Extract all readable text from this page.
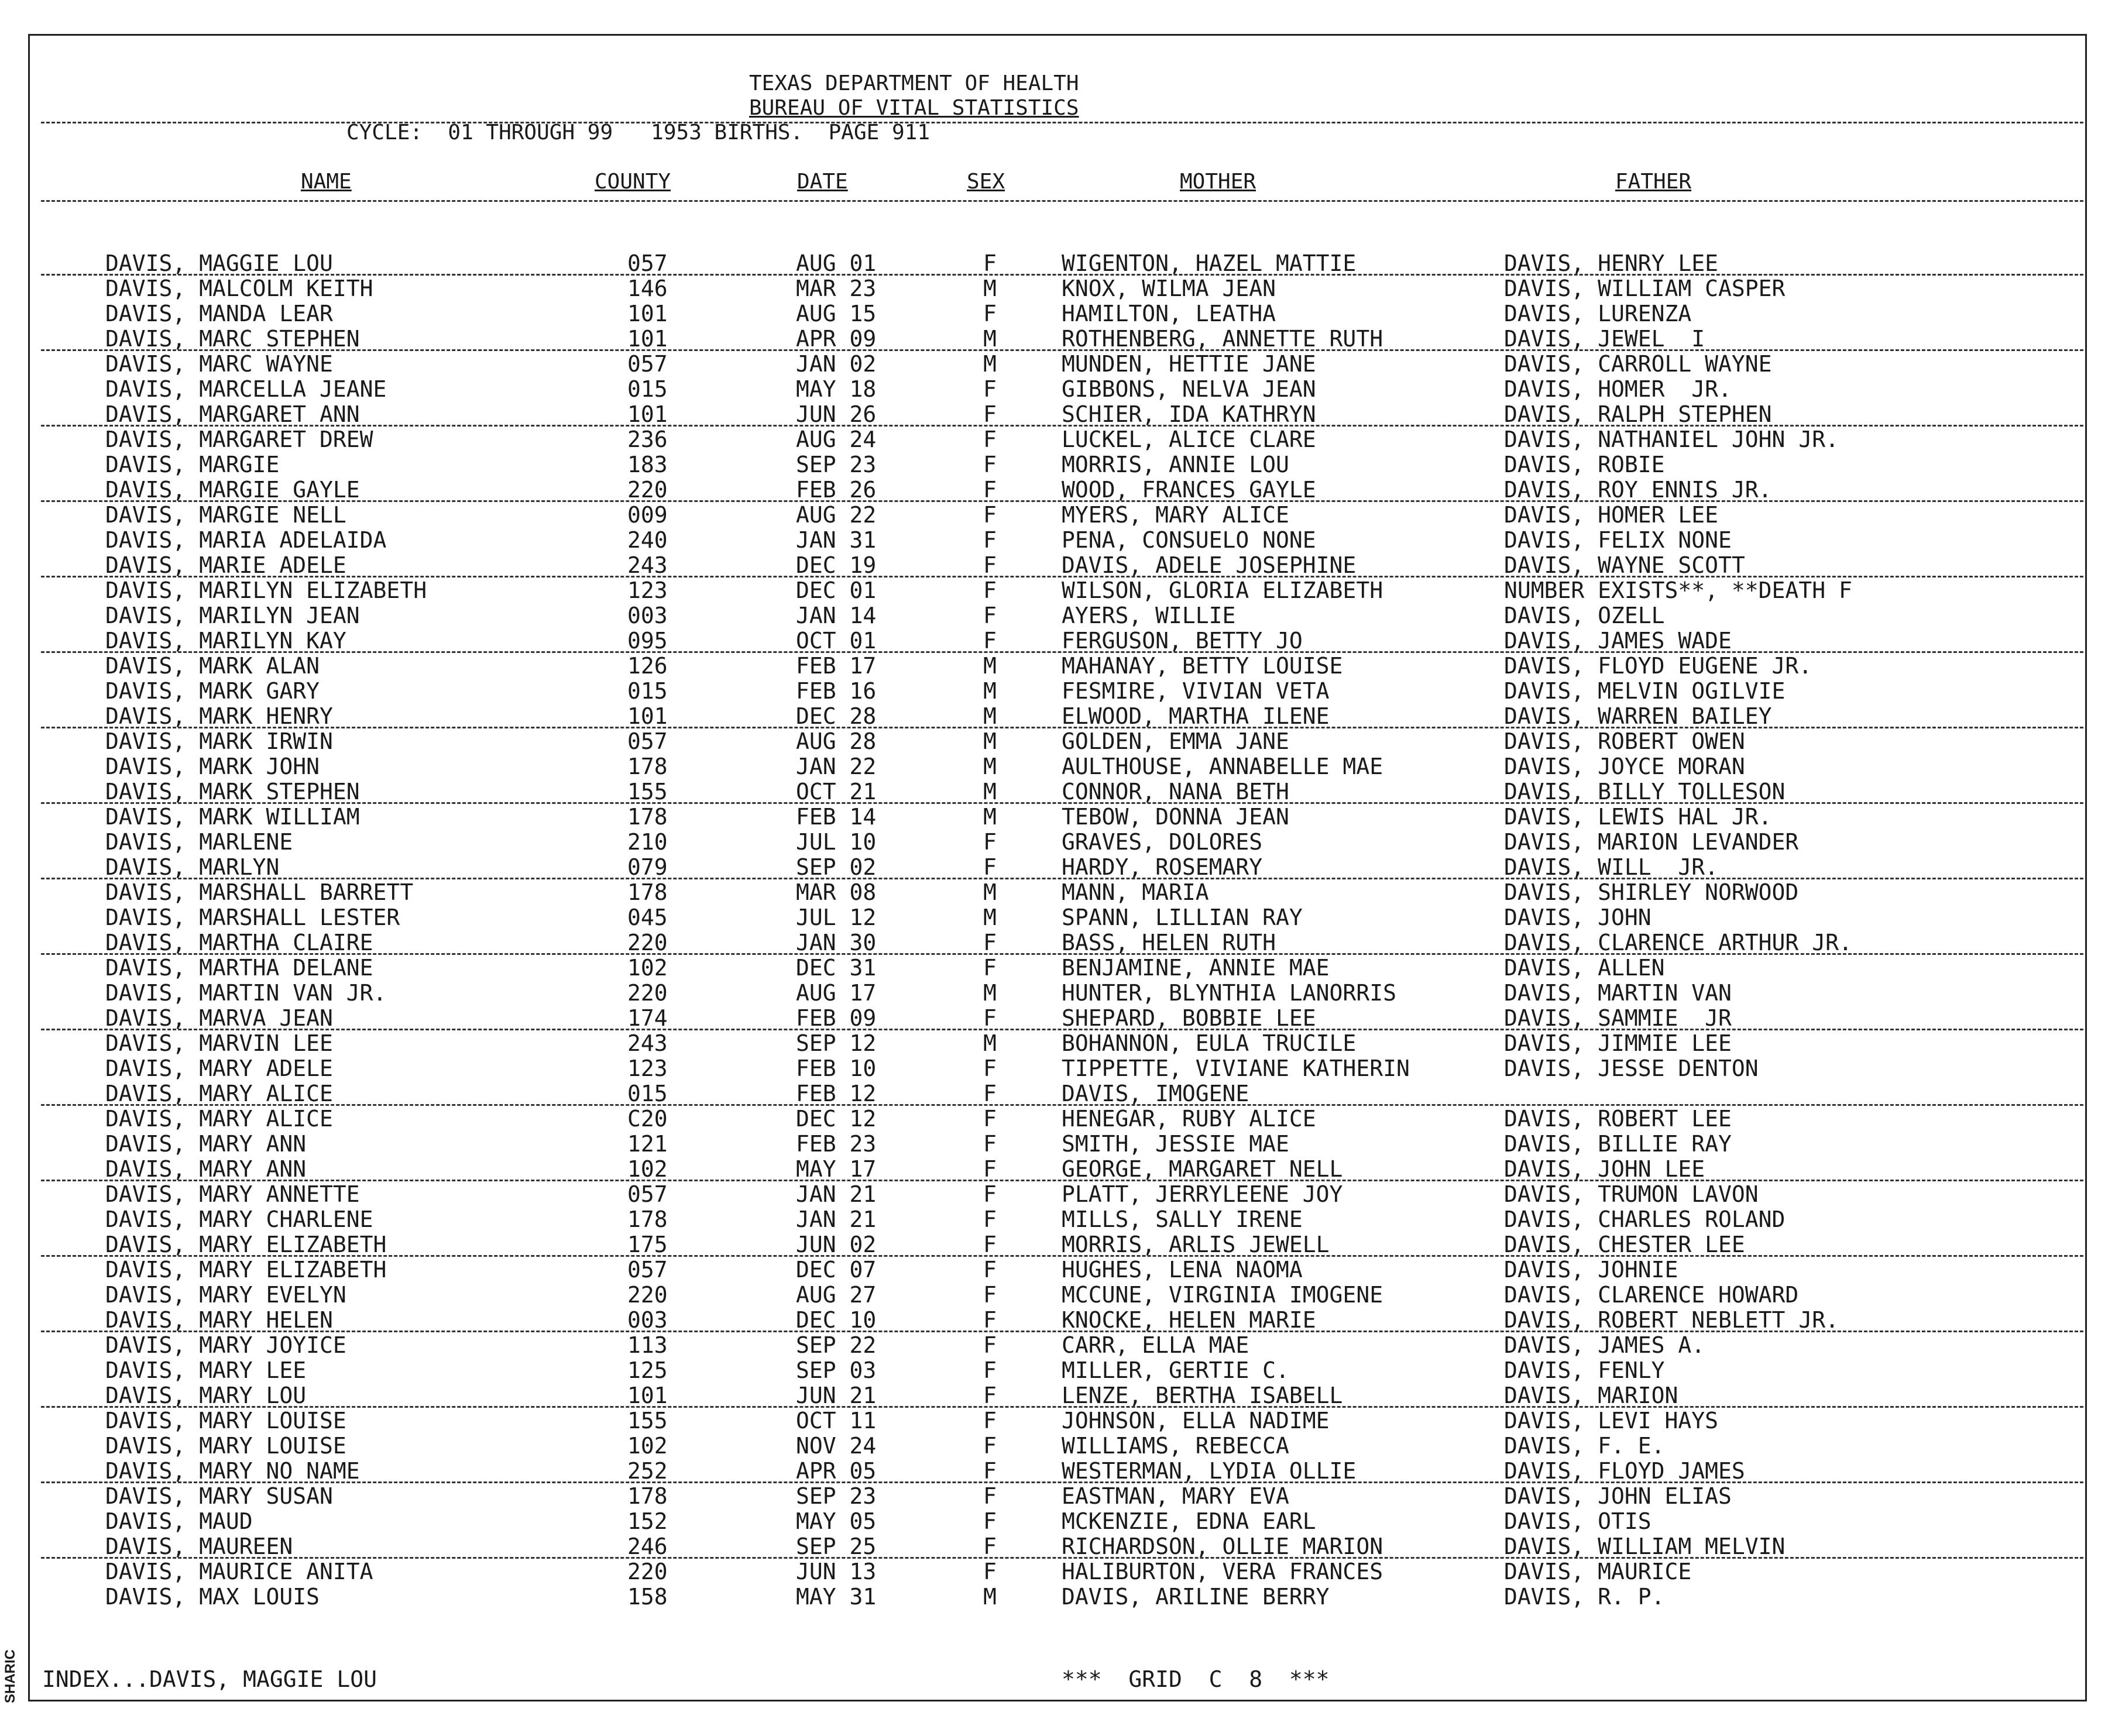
SHARIC
TEXAS DEPARTMENT OF HEALTH
BUREAU OF VITAL STATISTICS
CYCLE:  01 THROUGH 99   1953 BIRTHS.  PAGE 911
NAME	COUNTY	DATE	SEX	MOTHER	FATHER
DAVIS, MAGGIE LOU	057	AUG 01	F	WIGENTON, HAZEL MATTIE	DAVIS, HENRY LEE
DAVIS, MALCOLM KEITH	146	MAR 23	M	KNOX, WILMA JEAN	DAVIS, WILLIAM CASPER
DAVIS, MANDA LEAR	101	AUG 15	F	HAMILTON, LEATHA	DAVIS, LURENZA
DAVIS, MARC STEPHEN	101	APR 09	M	ROTHENBERG, ANNETTE RUTH	DAVIS, JEWEL  I
DAVIS, MARC WAYNE	057	JAN 02	M	MUNDEN, HETTIE JANE	DAVIS, CARROLL WAYNE
DAVIS, MARCELLA JEANE	015	MAY 18	F	GIBBONS, NELVA JEAN	DAVIS, HOMER  JR.
DAVIS, MARGARET ANN	101	JUN 26	F	SCHIER, IDA KATHRYN	DAVIS, RALPH STEPHEN
DAVIS, MARGARET DREW	236	AUG 24	F	LUCKEL, ALICE CLARE	DAVIS, NATHANIEL JOHN JR.
DAVIS, MARGIE	183	SEP 23	F	MORRIS, ANNIE LOU	DAVIS, ROBIE
DAVIS, MARGIE GAYLE	220	FEB 26	F	WOOD, FRANCES GAYLE	DAVIS, ROY ENNIS JR.
DAVIS, MARGIE NELL	009	AUG 22	F	MYERS, MARY ALICE	DAVIS, HOMER LEE
DAVIS, MARIA ADELAIDA	240	JAN 31	F	PENA, CONSUELO NONE	DAVIS, FELIX NONE
DAVIS, MARIE ADELE	243	DEC 19	F	DAVIS, ADELE JOSEPHINE	DAVIS, WAYNE SCOTT
DAVIS, MARILYN ELIZABETH	123	DEC 01	F	WILSON, GLORIA ELIZABETH	NUMBER EXISTS**, **DEATH F
DAVIS, MARILYN JEAN	003	JAN 14	F	AYERS, WILLIE	DAVIS, OZELL
DAVIS, MARILYN KAY	095	OCT 01	F	FERGUSON, BETTY JO	DAVIS, JAMES WADE
DAVIS, MARK ALAN	126	FEB 17	M	MAHANAY, BETTY LOUISE	DAVIS, FLOYD EUGENE JR.
DAVIS, MARK GARY	015	FEB 16	M	FESMIRE, VIVIAN VETA	DAVIS, MELVIN OGILVIE
DAVIS, MARK HENRY	101	DEC 28	M	ELWOOD, MARTHA ILENE	DAVIS, WARREN BAILEY
DAVIS, MARK IRWIN	057	AUG 28	M	GOLDEN, EMMA JANE	DAVIS, ROBERT OWEN
DAVIS, MARK JOHN	178	JAN 22	M	AULTHOUSE, ANNABELLE MAE	DAVIS, JOYCE MORAN
DAVIS, MARK STEPHEN	155	OCT 21	M	CONNOR, NANA BETH	DAVIS, BILLY TOLLESON
DAVIS, MARK WILLIAM	178	FEB 14	M	TEBOW, DONNA JEAN	DAVIS, LEWIS HAL JR.
DAVIS, MARLENE	210	JUL 10	F	GRAVES, DOLORES	DAVIS, MARION LEVANDER
DAVIS, MARLYN	079	SEP 02	F	HARDY, ROSEMARY	DAVIS, WILL  JR.
DAVIS, MARSHALL BARRETT	178	MAR 08	M	MANN, MARIA	DAVIS, SHIRLEY NORWOOD
DAVIS, MARSHALL LESTER	045	JUL 12	M	SPANN, LILLIAN RAY	DAVIS, JOHN
DAVIS, MARTHA CLAIRE	220	JAN 30	F	BASS, HELEN RUTH	DAVIS, CLARENCE ARTHUR JR.
DAVIS, MARTHA DELANE	102	DEC 31	F	BENJAMINE, ANNIE MAE	DAVIS, ALLEN
DAVIS, MARTIN VAN JR.	220	AUG 17	M	HUNTER, BLYNTHIA LANORRIS	DAVIS, MARTIN VAN
DAVIS, MARVA JEAN	174	FEB 09	F	SHEPARD, BOBBIE LEE	DAVIS, SAMMIE  JR
DAVIS, MARVIN LEE	243	SEP 12	M	BOHANNON, EULA TRUCILE	DAVIS, JIMMIE LEE
DAVIS, MARY ADELE	123	FEB 10	F	TIPPETTE, VIVIANE KATHERIN	DAVIS, JESSE DENTON
DAVIS, MARY ALICE	015	FEB 12	F	DAVIS, IMOGENE
DAVIS, MARY ALICE	C20	DEC 12	F	HENEGAR, RUBY ALICE	DAVIS, ROBERT LEE
DAVIS, MARY ANN	121	FEB 23	F	SMITH, JESSIE MAE	DAVIS, BILLIE RAY
DAVIS, MARY ANN	102	MAY 17	F	GEORGE, MARGARET NELL	DAVIS, JOHN LEE
DAVIS, MARY ANNETTE	057	JAN 21	F	PLATT, JERRYLEENE JOY	DAVIS, TRUMON LAVON
DAVIS, MARY CHARLENE	178	JAN 21	F	MILLS, SALLY IRENE	DAVIS, CHARLES ROLAND
DAVIS, MARY ELIZABETH	175	JUN 02	F	MORRIS, ARLIS JEWELL	DAVIS, CHESTER LEE
DAVIS, MARY ELIZABETH	057	DEC 07	F	HUGHES, LENA NAOMA	DAVIS, JOHNIE
DAVIS, MARY EVELYN	220	AUG 27	F	MCCUNE, VIRGINIA IMOGENE	DAVIS, CLARENCE HOWARD
DAVIS, MARY HELEN	003	DEC 10	F	KNOCKE, HELEN MARIE	DAVIS, ROBERT NEBLETT JR.
DAVIS, MARY JOYICE	113	SEP 22	F	CARR, ELLA MAE	DAVIS, JAMES A.
DAVIS, MARY LEE	125	SEP 03	F	MILLER, GERTIE C.	DAVIS, FENLY
DAVIS, MARY LOU	101	JUN 21	F	LENZE, BERTHA ISABELL	DAVIS, MARION
DAVIS, MARY LOUISE	155	OCT 11	F	JOHNSON, ELLA NADIME	DAVIS, LEVI HAYS
DAVIS, MARY LOUISE	102	NOV 24	F	WILLIAMS, REBECCA	DAVIS, F. E.
DAVIS, MARY NO NAME	252	APR 05	F	WESTERMAN, LYDIA OLLIE	DAVIS, FLOYD JAMES
DAVIS, MARY SUSAN	178	SEP 23	F	EASTMAN, MARY EVA	DAVIS, JOHN ELIAS
DAVIS, MAUD	152	MAY 05	F	MCKENZIE, EDNA EARL	DAVIS, OTIS
DAVIS, MAUREEN	246	SEP 25	F	RICHARDSON, OLLIE MARION	DAVIS, WILLIAM MELVIN
DAVIS, MAURICE ANITA	220	JUN 13	F	HALIBURTON, VERA FRANCES	DAVIS, MAURICE
DAVIS, MAX LOUIS	158	MAY 31	M	DAVIS, ARILINE BERRY	DAVIS, R. P.
INDEX...DAVIS, MAGGIE LOU	***  GRID  C  8  ***
